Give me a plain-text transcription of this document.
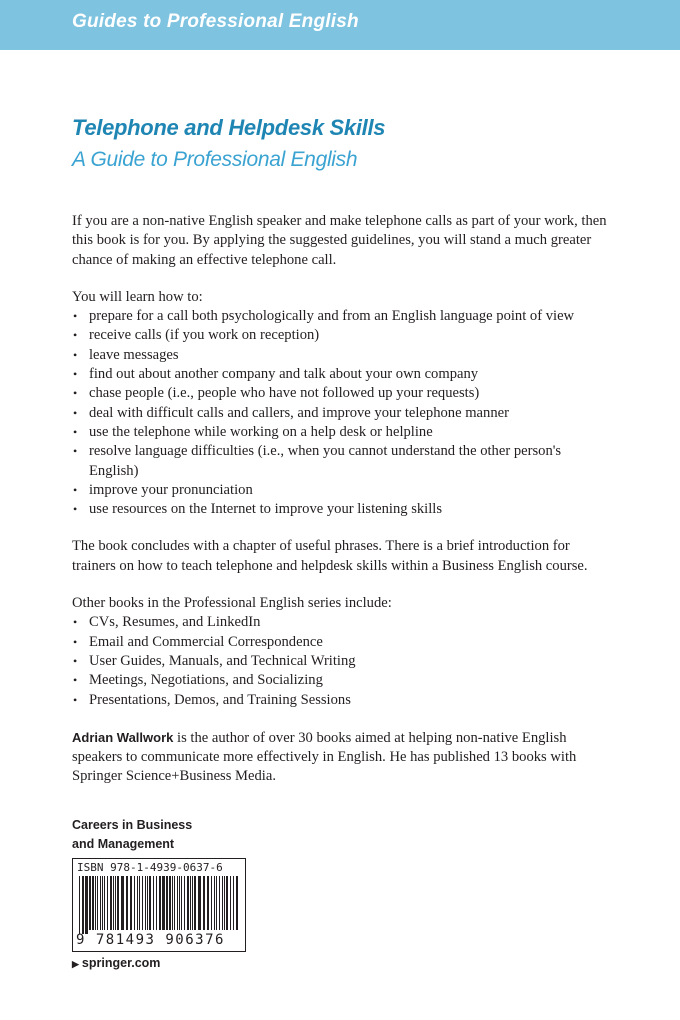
Guides to Professional English
Telephone and Helpdesk Skills
A Guide to Professional English

If you are a non-native English speaker and make telephone calls as part of your work, then this book is for you. By applying the suggested guidelines, you will stand a much greater chance of making an effective telephone call.

You will learn how to:

• prepare for a call both psychologically and from an English language point of view
• receive calls (if you work on reception)
• leave messages
• find out about another company and talk about your own company
• chase people (i.e., people who have not followed up your requests)
• deal with difficult calls and callers, and improve your telephone manner
• use the telephone while working on a help desk or helpline
• resolve language difficulties (i.e., when you cannot understand the other person's English)
• improve your pronunciation
• use resources on the Internet to improve your listening skills

The book concludes with a chapter of useful phrases. There is a brief introduction for trainers on how to teach telephone and helpdesk skills within a Business English course.

Other books in the Professional English series include:

• CVs, Resumes, and LinkedIn
• Email and Commercial Correspondence
• User Guides, Manuals, and Technical Writing
• Meetings, Negotiations, and Socializing
• Presentations, Demos, and Training Sessions

Adrian Wallwork is the author of over 30 books aimed at helping non-native English speakers to communicate more effectively in English. He has published 13 books with Springer Science+Business Media.

Careers in Business
and Management
ISBN 978-1-4939-0637-6
9 781493 906376
▶ springer.com
